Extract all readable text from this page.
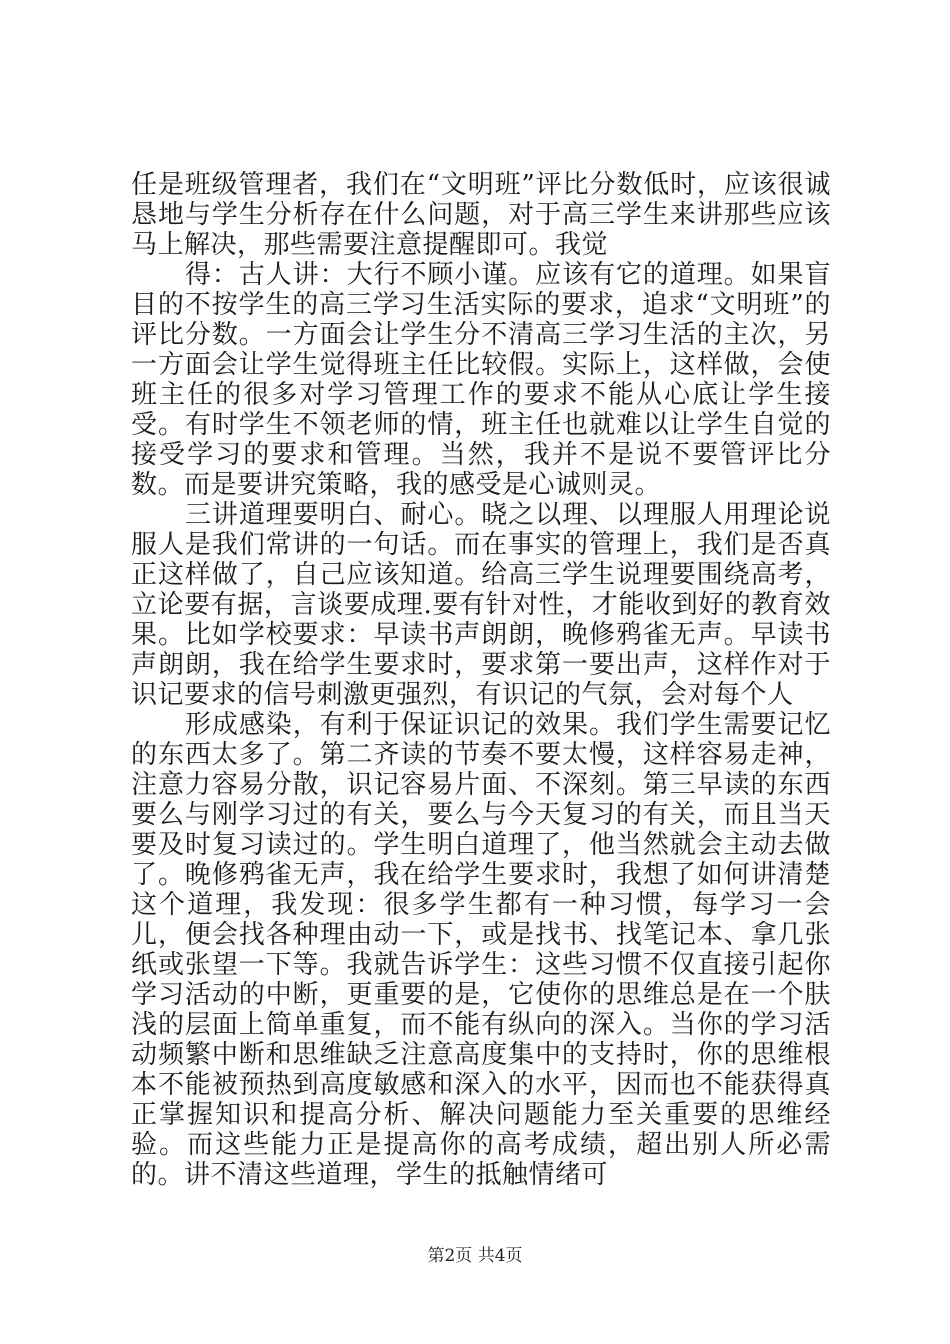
任是班级管理者，我们在“文明班”评比分数低时，应该很诚恳地与学生分析存在什么问题，对于高三学生来讲那些应该马上解决，那些需要注意提醒即可。我觉

得：古人讲：大行不顾小谨。应该有它的道理。如果盲目的不按学生的高三学习生活实际的要求，追求“文明班”的评比分数。一方面会让学生分不清高三学习生活的主次，另一方面会让学生觉得班主任比较假。实际上，这样做，会使班主任的很多对学习管理工作的要求不能从心底让学生接受。有时学生不领老师的情，班主任也就难以让学生自觉的接受学习的要求和管理。当然，我并不是说不要管评比分数。而是要讲究策略，我的感受是心诚则灵。

三讲道理要明白、耐心。晓之以理、以理服人用理论说服人是我们常讲的一句话。而在事实的管理上，我们是否真正这样做了，自己应该知道。给高三学生说理要围绕高考，立论要有据，言谈要成理.要有针对性，才能收到好的教育效果。比如学校要求：早读书声朗朗，晚修鸦雀无声。早读书声朗朗，我在给学生要求时，要求第一要出声，这样作对于识记要求的信号刺激更强烈，有识记的气氛，会对每个人

形成感染，有利于保证识记的效果。我们学生需要记忆的东西太多了。第二齐读的节奏不要太慢，这样容易走神，注意力容易分散，识记容易片面、不深刻。第三早读的东西要么与刚学习过的有关，要么与今天复习的有关，而且当天要及时复习读过的。学生明白道理了，他当然就会主动去做了。晚修鸦雀无声，我在给学生要求时，我想了如何讲清楚这个道理，我发现：很多学生都有一种习惯，每学习一会儿，便会找各种理由动一下，或是找书、找笔记本、拿几张纸或张望一下等。我就告诉学生：这些习惯不仅直接引起你学习活动的中断，更重要的是，它使你的思维总是在一个肤浅的层面上简单重复，而不能有纵向的深入。当你的学习活动频繁中断和思维缺乏注意高度集中的支持时，你的思维根本不能被预热到高度敏感和深入的水平，因而也不能获得真正掌握知识和提高分析、解决问题能力至关重要的思维经验。而这些能力正是提高你的高考成绩，超出别人所必需的。讲不清这些道理，学生的抵触情绪可

第2页 共4页
